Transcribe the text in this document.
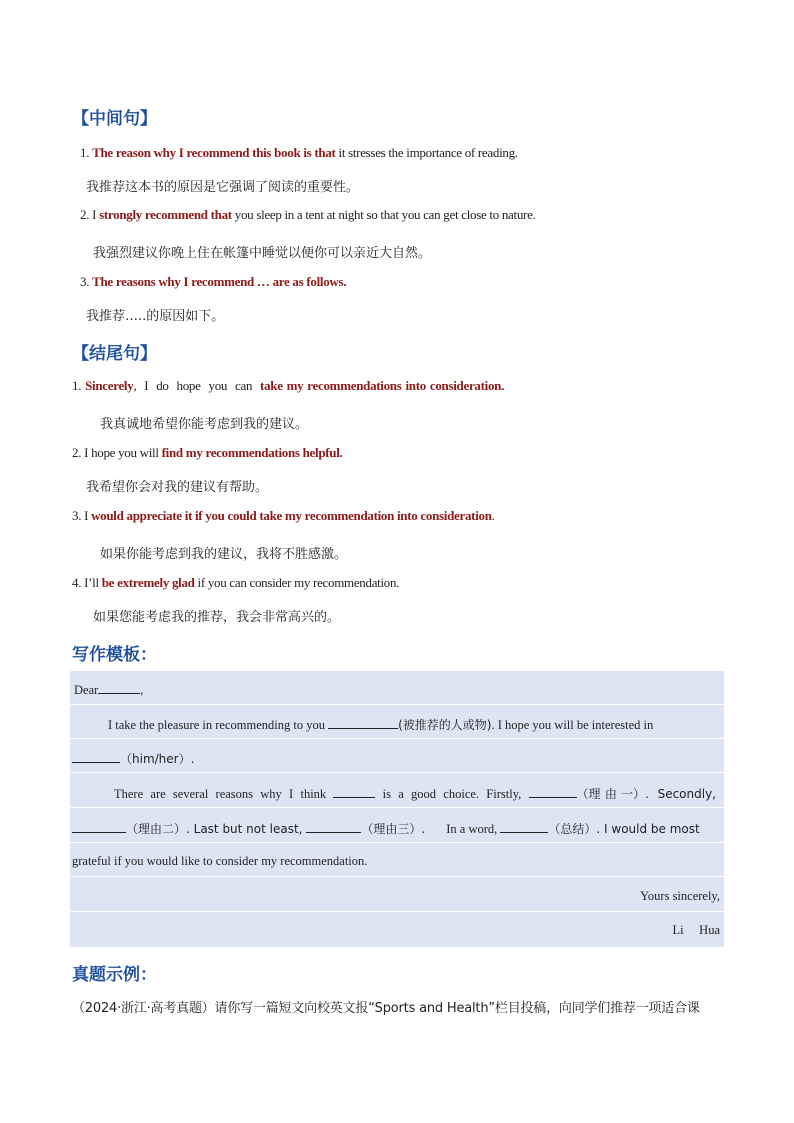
【中间句】
1. The reason why I recommend this book is that it stresses the importance of reading.
我推荐这本书的原因是它强调了阅读的重要性。
2. I strongly recommend that you sleep in a tent at night so that you can get close to nature.
我强烈建议你晚上住在帐篷中睡觉以便你可以亲近大自然。
3. The reasons why I recommend … are as follows.
我推荐…..的原因如下。
【结尾句】
1. Sincerely,  I  do  hope  you  can  take my recommendations into consideration.
我真诚地希望你能考虑到我的建议。
2. I hope you will find my recommendations helpful.
我希望你会对我的建议有帮助。
3. I would appreciate it if you could take my recommendation into consideration.
如果你能考虑到我的建议，我将不胜感激。
4. I’ll be extremely glad if you can consider my recommendation.
如果您能考虑我的推荐，我会非常高兴的。
写作模板：
Dear	,
I take the pleasure in recommending to you	(被推荐的人或物). I hope you will be interested in
（him/her）.
There  are  several  reasons  why  I  think	is  a  good  choice.  Firstly,	（理 由 一）.  Secondly,
（理由二）. Last but not least,	（理由三）. In a word,	（总结）. I would be most
grateful if you would like to consider my recommendation.
Yours sincerely,
Li     Hua
真题示例：
（2024·浙江·高考真题）请你写一篇短文向校英文报“Sports and Health”栏目投稿，向同学们推荐一项适合课
